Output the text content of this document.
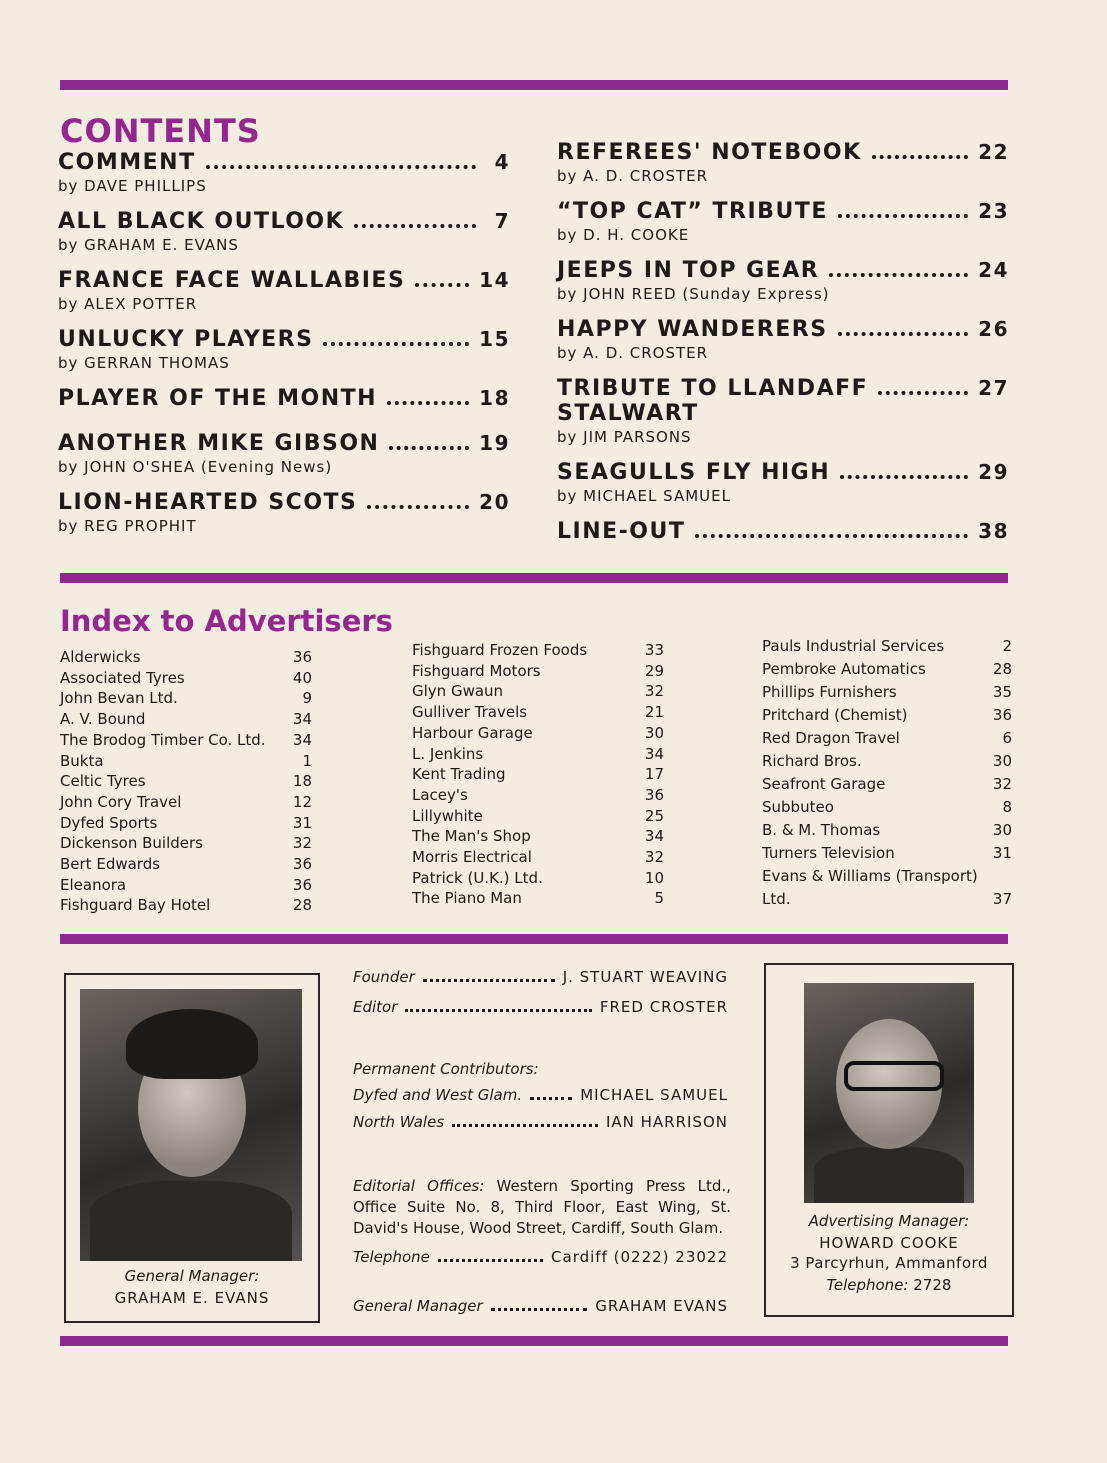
CONTENTS
COMMENT	4
by DAVE PHILLIPS
ALL BLACK OUTLOOK	7
by GRAHAM E. EVANS
FRANCE FACE WALLABIES	14
by ALEX POTTER
UNLUCKY PLAYERS	15
by GERRAN THOMAS
PLAYER OF THE MONTH	18
ANOTHER MIKE GIBSON	19
by JOHN O'SHEA (Evening News)
LION-HEARTED SCOTS	20
by REG PROPHIT
REFEREES' NOTEBOOK	22
by A. D. CROSTER
“TOP CAT” TRIBUTE	23
by D. H. COOKE
JEEPS IN TOP GEAR	24
by JOHN REED (Sunday Express)
HAPPY WANDERERS	26
by A. D. CROSTER
TRIBUTE TO LLANDAFF
STALWART
27
by JIM PARSONS
SEAGULLS FLY HIGH	29
by MICHAEL SAMUEL
LINE-OUT	38
Index to Advertisers
Alderwicks	36
Associated Tyres	40
John Bevan Ltd.	9
A. V. Bound	34
The Brodog Timber Co. Ltd. 34
Bukta	1
Celtic Tyres	18
John Cory Travel	12
Dyfed Sports	31
Dickenson Builders	32
Bert Edwards	36
Eleanora	36
Fishguard Bay Hotel	28
Fishguard Frozen Foods	33
Fishguard Motors	29
Glyn Gwaun	32
Gulliver Travels	21
Harbour Garage	30
L. Jenkins	34
Kent Trading	17
Lacey's	36
Lillywhite	25
The Man's Shop	34
Morris Electrical	32
Patrick (U.K.) Ltd.	10
The Piano Man	5
Pauls Industrial Services	2
Pembroke Automatics	28
Phillips Furnishers	35
Pritchard (Chemist)	36
Red Dragon Travel	6
Richard Bros.	30
Seafront Garage	32
Subbuteo	8
B. & M. Thomas	30
Turners Television	31
Evans & Williams (Transport)
Ltd.	37
General Manager:
GRAHAM E. EVANS
Founder	J. STUART WEAVING
Editor	FRED CROSTER
Permanent Contributors:
Dyfed and West Glam.	MICHAEL SAMUEL
North Wales	IAN HARRISON
Editorial Offices: Western Sporting Press Ltd., Office Suite No. 8, Third Floor, East Wing, St. David's House, Wood Street, Cardiff, South Glam.
Telephone	Cardiff (0222) 23022
General Manager	GRAHAM EVANS
Advertising Manager:
HOWARD COOKE
3 Parcyrhun, Ammanford
Telephone: 2728
